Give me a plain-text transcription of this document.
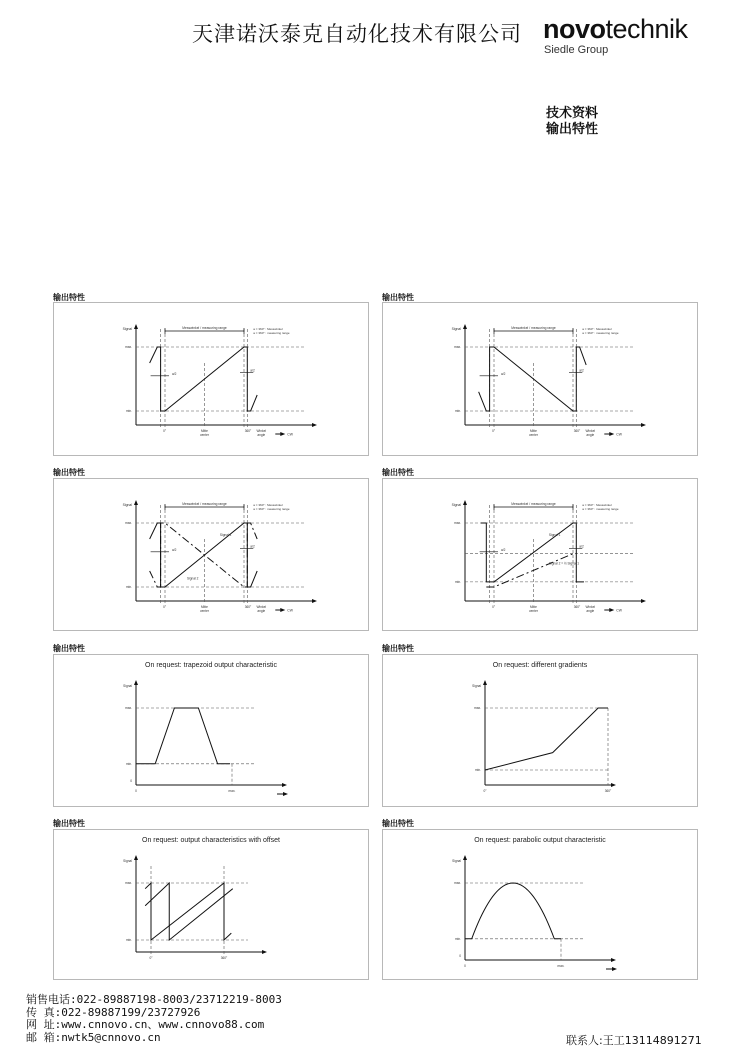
天津诺沃泰克自动化技术有限公司 novotechnik
Siedle Group
技术资料
输出特性
输出特性
Signal
max.
min.
0°	Mitte
center
360° Winkel
angle	CW
Messwinkel / measuring range	a = 360° : Messwinkel
a = 360° : measuring range
a/2
a/2
输出特性
Signal
max.
min.
0°	Mitte
center
360° Winkel
angle	CW
Messwinkel / measuring range	a = 360° : Messwinkel
a = 360° : measuring range
a/2
a/2
输出特性
Signal
max.
min.
0°	Mitte
center
360° Winkel
angle	CW
Messwinkel / measuring range	a = 360° : Messwinkel
a = 360° : measuring range
a/2
a/2
Signal 1
Signal 2
输出特性
Signal
max.
min.
0°	Mitte
center
360° Winkel
angle	CW
Messwinkel / measuring range	a = 360° : Messwinkel
a = 360° : measuring range
a/2
a/2
Signal 1
Signal 2 = ½ Signal 1
输出特性
On request: trapezoid output characteristic
Signal
max.
min.
0
0	max.
输出特性
On request: different gradients
Signal
max.
min.
0°	360°
输出特性
On request: output characteristics with offset
Signal
max.
min.
0°	360°
输出特性
On request: parabolic output characteristic
Signal
max.
min.
0
0	max.
销售电话:022-89887198-8003/23712219-8003
传 真:022-89887199/23727926
网 址:www.cnnovo.cn、www.cnnovo88.com
邮 箱:nwtk5@cnnovo.cn	联系人:王工13114891271
